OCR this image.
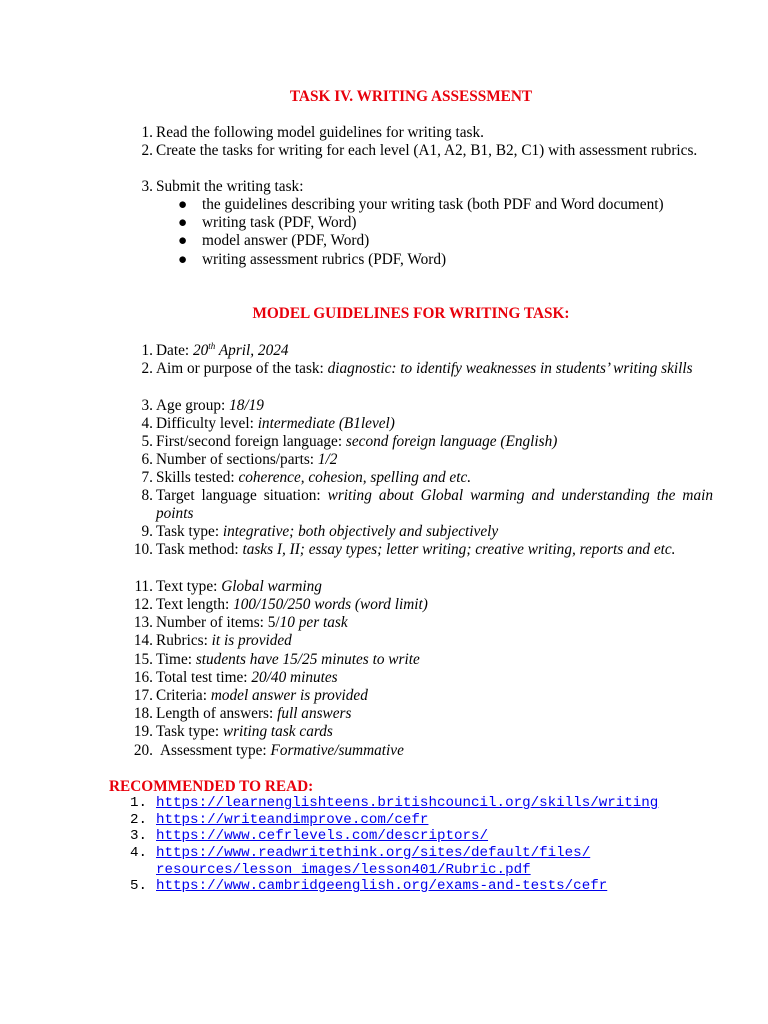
TASK IV. WRITING ASSESSMENT
1. Read the following model guidelines for writing task.
2. Create the tasks for writing for each level (A1, A2, B1, B2, C1) with assessment rubrics.
3. Submit the writing task:
● the guidelines describing your writing task (both PDF and Word document)
● writing task (PDF, Word)
● model answer (PDF, Word)
● writing assessment rubrics (PDF, Word)
MODEL GUIDELINES FOR WRITING TASK:
1. Date: 20th April, 2024
2. Aim or purpose of the task: diagnostic: to identify weaknesses in students’ writing skills
3. Age group: 18/19
4. Difficulty level: intermediate (B1level)
5. First/second foreign language: second foreign language (English)
6. Number of sections/parts: 1/2
7. Skills tested: coherence, cohesion, spelling and etc.
8. Target language situation: writing about Global warming and understanding the main points
9. Task type: integrative; both objectively and subjectively
10. Task method: tasks I, II; essay types; letter writing; creative writing, reports and etc.
11. Text type: Global warming
12. Text length: 100/150/250 words (word limit)
13. Number of items: 5/10 per task
14. Rubrics: it is provided
15. Time: students have 15/25 minutes to write
16. Total test time: 20/40 minutes
17. Criteria: model answer is provided
18. Length of answers: full answers
19. Task type: writing task cards
20. Assessment type: Formative/summative
RECOMMENDED TO READ:
1. https://learnenglishteens.britishcouncil.org/skills/writing
2. https://writeandimprove.com/cefr
3. https://www.cefrlevels.com/descriptors/
4. https://www.readwritethink.org/sites/default/files/
resources/lesson_images/lesson401/Rubric.pdf
5. https://www.cambridgeenglish.org/exams-and-tests/cefr
